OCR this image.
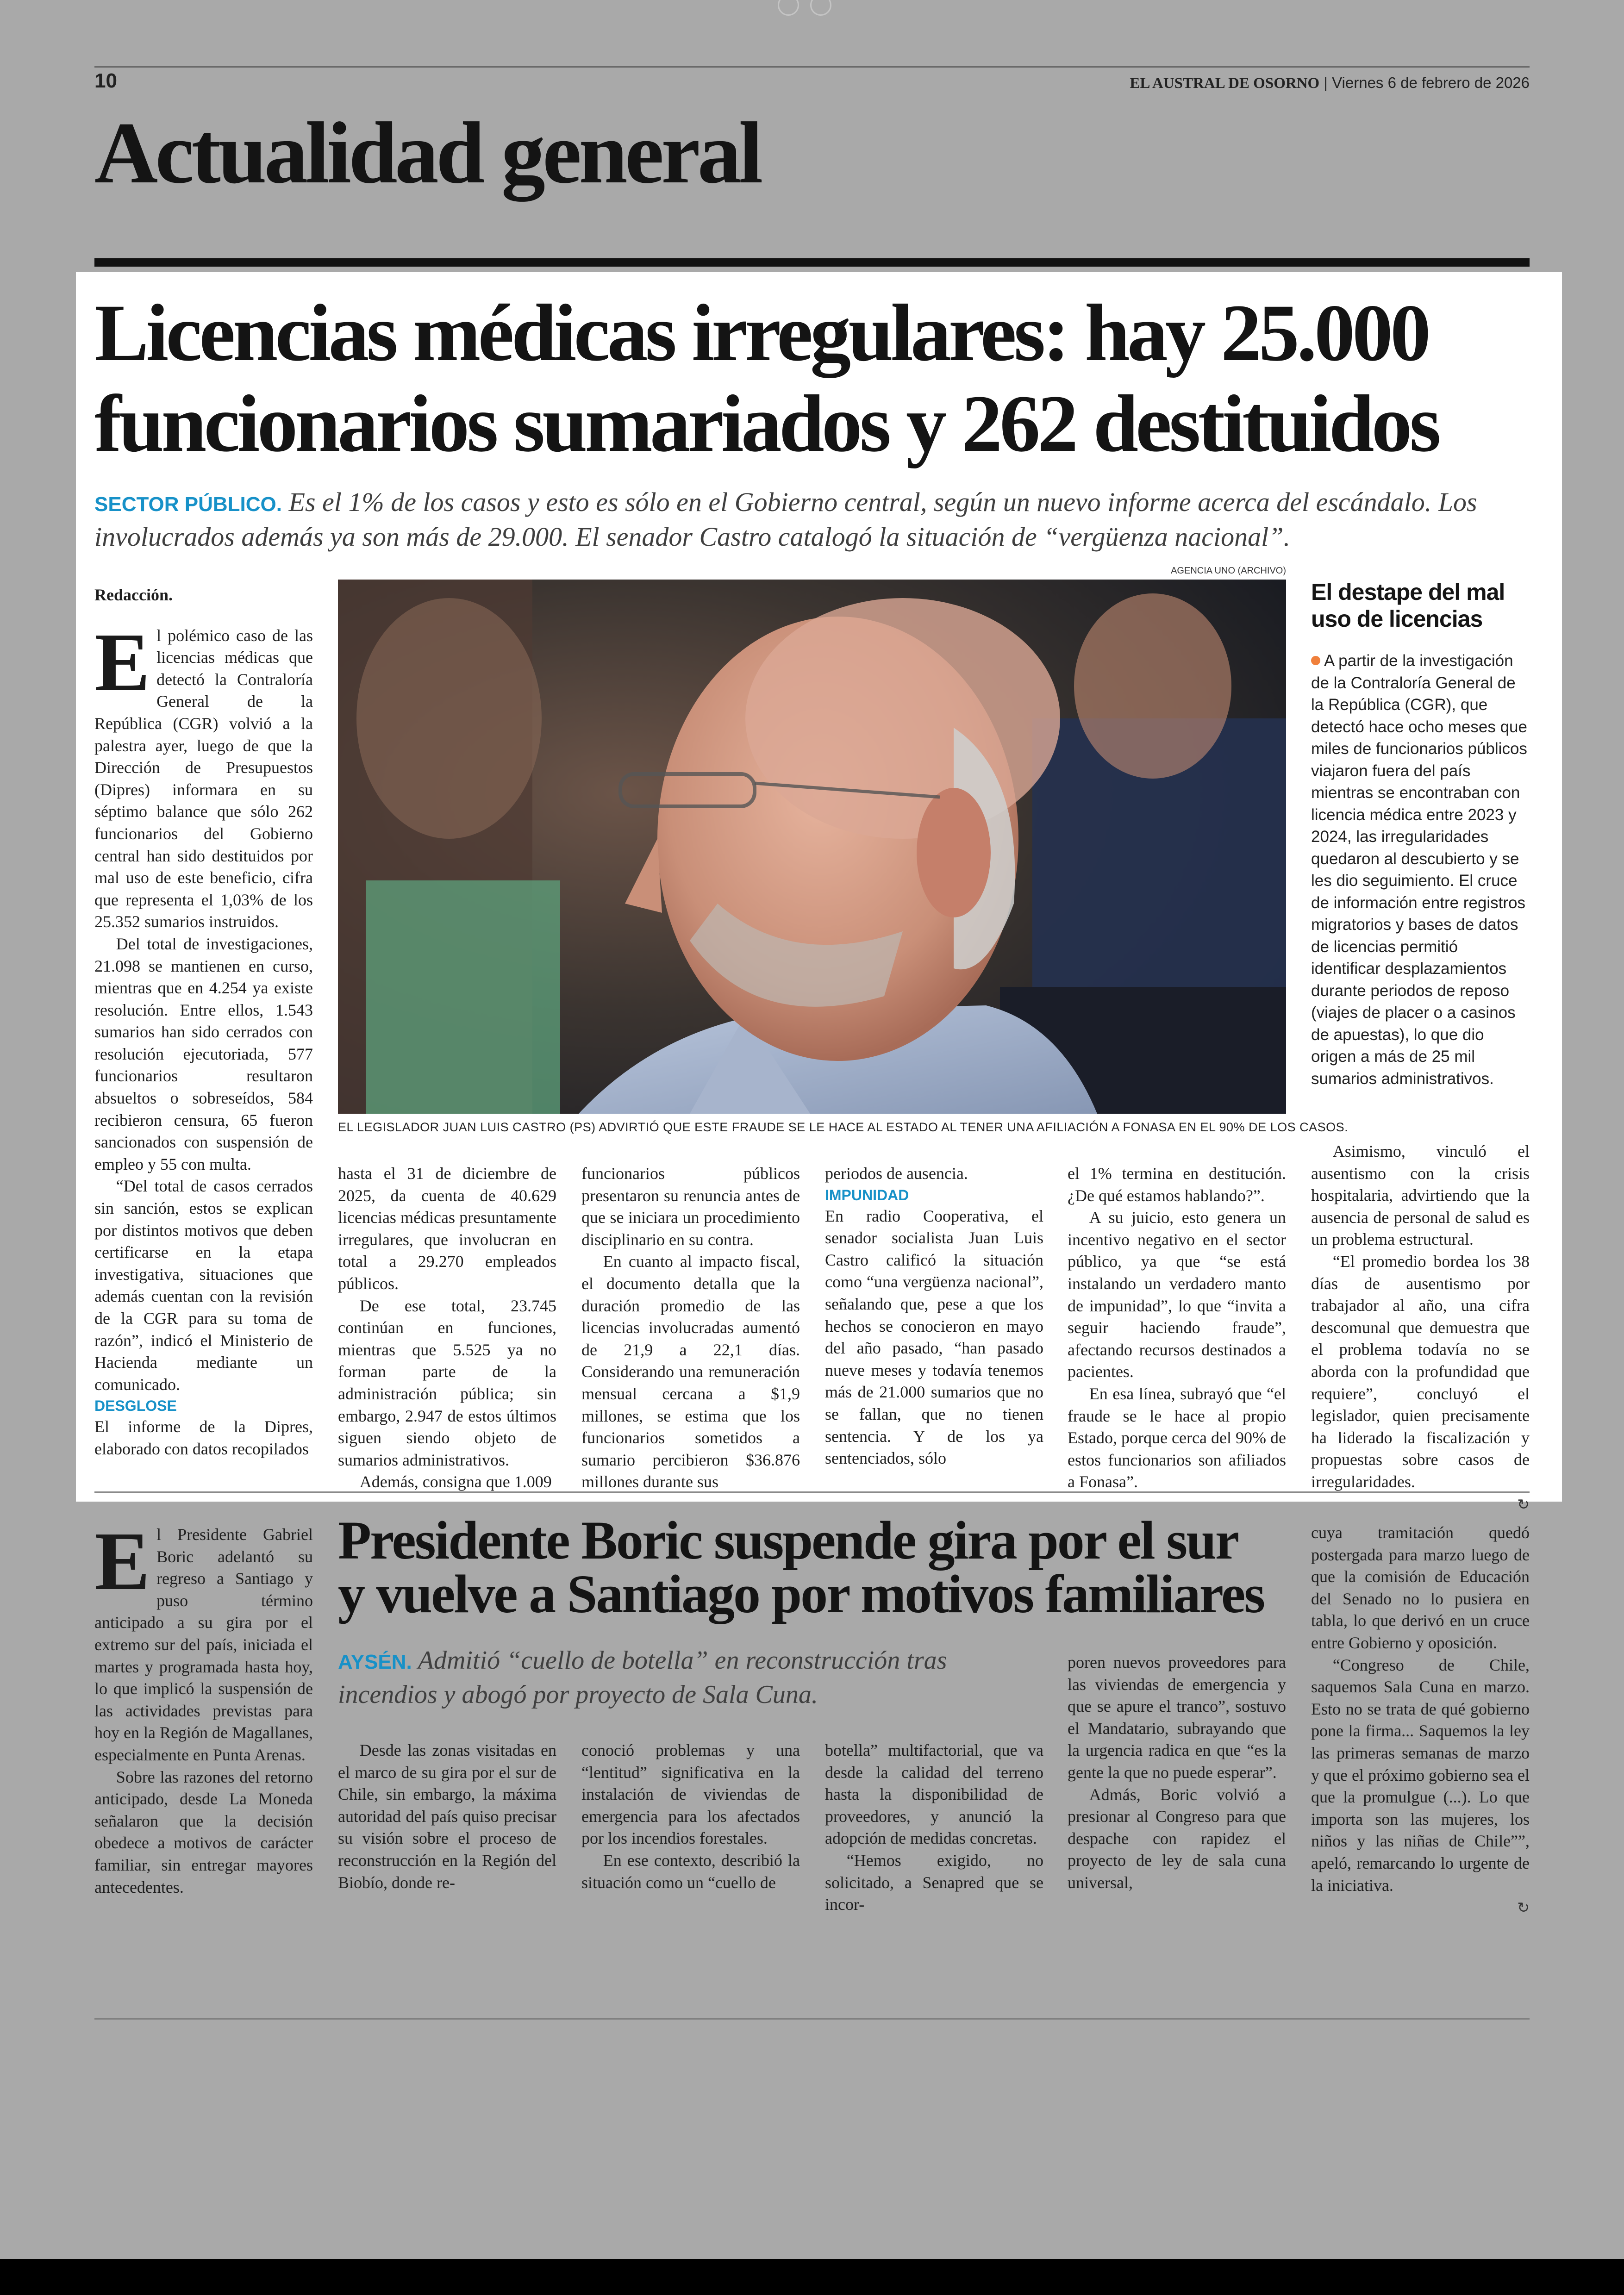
10	EL AUSTRAL DE OSORNO | Viernes 6 de febrero de 2026
Actualidad general
Licencias médicas irregulares: hay 25.000
funcionarios sumariados y 262 destituidos
SECTOR PÚBLICO. Es el 1% de los casos y esto es sólo en el Gobierno central, según un nuevo informe acerca del escándalo. Los involucrados además ya son más de 29.000. El senador Castro catalogó la situación de “vergüenza nacional”.
AGENCIA UNO (ARCHIVO)
EL LEGISLADOR JUAN LUIS CASTRO (PS) ADVIRTIÓ QUE ESTE FRAUDE SE LE HACE AL ESTADO AL TENER UNA AFILIACIÓN A FONASA EN EL 90% DE LOS CASOS.

Redacción.

El polémico caso de las licencias médicas que detectó la Contraloría General de la República (CGR) volvió a la palestra ayer, luego de que la Dirección de Presupuestos (Dipres) informara en su séptimo balance que sólo 262 funcionarios del Gobierno central han sido destituidos por mal uso de este beneficio, cifra que representa el 1,03% de los 25.352 sumarios instruidos.

Del total de investigaciones, 21.098 se mantienen en curso, mientras que en 4.254 ya existe resolución. Entre ellos, 1.543 sumarios han sido cerrados con resolución ejecutoriada, 577 funcionarios resultaron absueltos o sobreseídos, 584 recibieron censura, 65 fueron sancionados con suspensión de empleo y 55 con multa.

“Del total de casos cerrados sin sanción, estos se explican por distintos motivos que deben certificarse en la etapa investigativa, situaciones que además cuentan con la revisión de la CGR para su toma de razón”, indicó el Ministerio de Hacienda mediante un comunicado.

DESGLOSE

El informe de la Dipres, elaborado con datos recopilados

hasta el 31 de diciembre de 2025, da cuenta de 40.629 licencias médicas presuntamente irregulares, que involucran en total a 29.270 empleados públicos.

De ese total, 23.745 continúan en funciones, mientras que 5.525 ya no forman parte de la administración pública; sin embargo, 2.947 de estos últimos siguen siendo objeto de sumarios administrativos.

Además, consigna que 1.009

funcionarios públicos presentaron su renuncia antes de que se iniciara un procedimiento disciplinario en su contra.

En cuanto al impacto fiscal, el documento detalla que la duración promedio de las licencias involucradas aumentó de 21,9 a 22,1 días. Considerando una remuneración mensual cercana a $1,9 millones, se estima que los funcionarios sometidos a sumario percibieron $36.876 millones durante sus

periodos de ausencia.

IMPUNIDAD

En radio Cooperativa, el senador socialista Juan Luis Castro calificó la situación como “una vergüenza nacional”, señalando que, pese a que los hechos se conocieron en mayo del año pasado, “han pasado nueve meses y todavía tenemos más de 21.000 sumarios que no se fallan, que no tienen sentencia. Y de los ya sentenciados, sólo

el 1% termina en destitución. ¿De qué estamos hablando?”.

A su juicio, esto genera un incentivo negativo en el sector público, ya que “se está instalando un verdadero manto de impunidad”, lo que “invita a seguir haciendo fraude”, afectando recursos destinados a pacientes.

En esa línea, subrayó que “el fraude se le hace al propio Estado, porque cerca del 90% de estos funcionarios son afiliados a Fonasa”.

Asimismo, vinculó el ausentismo con la crisis hospitalaria, advirtiendo que la ausencia de personal de salud es un problema estructural.

“El promedio bordea los 38 días de ausentismo por trabajador al año, una cifra descomunal que demuestra que el problema todavía no se aborda con la profundidad que requiere”, concluyó el legislador, quien precisamente ha liderado la fiscalización y propuestas sobre casos de irregularidades.

↻
El destape del mal uso de licencias
A partir de la investigación de la Contraloría General de la República (CGR), que detectó hace ocho meses que miles de funcionarios públicos viajaron fuera del país mientras se encontraban con licencia médica entre 2023 y 2024, las irregularidades quedaron al descubierto y se les dio seguimiento. El cruce de información entre registros migratorios y bases de datos de licencias permitió identificar desplazamientos durante periodos de reposo (viajes de placer o a casinos de apuestas), lo que dio origen a más de 25 mil sumarios administrativos.

El Presidente Gabriel Boric adelantó su regreso a Santiago y puso término anticipado a su gira por el extremo sur del país, iniciada el martes y programada hasta hoy, lo que implicó la suspensión de las actividades previstas para hoy en la Región de Magallanes, especialmente en Punta Arenas.

Sobre las razones del retorno anticipado, desde La Moneda señalaron que la decisión obedece a motivos de carácter familiar, sin entregar mayores antecedentes.

Presidente Boric suspende gira por el sur
y vuelve a Santiago por motivos familiares
AYSÉN. Admitió “cuello de botella” en reconstrucción tras incendios y abogó por proyecto de Sala Cuna.

Desde las zonas visitadas en el marco de su gira por el sur de Chile, sin embargo, la máxima autoridad del país quiso precisar su visión sobre el proceso de reconstrucción en la Región del Biobío, donde re-

conoció problemas y una “lentitud” significativa en la instalación de viviendas de emergencia para los afectados por los incendios forestales.

En ese contexto, describió la situación como un “cuello de

botella” multifactorial, que va desde la calidad del terreno hasta la disponibilidad de proveedores, y anunció la adopción de medidas concretas.

“Hemos exigido, no solicitado, a Senapred que se incor-

poren nuevos proveedores para las viviendas de emergencia y que se apure el tranco”, sostuvo el Mandatario, subrayando que la urgencia radica en que “es la gente la que no puede esperar”.

Admás, Boric volvió a presionar al Congreso para que despache con rapidez el proyecto de ley de sala cuna universal,

cuya tramitación quedó postergada para marzo luego de que la comisión de Educación del Senado no lo pusiera en tabla, lo que derivó en un cruce entre Gobierno y oposición.

“Congreso de Chile, saquemos Sala Cuna en marzo. Esto no se trata de qué gobierno pone la firma... Saquemos la ley las primeras semanas de marzo y que el próximo gobierno sea el que la promulgue (...). Lo que importa son las mujeres, los niños y las niñas de Chile””, apeló, remarcando lo urgente de la iniciativa.

↻
